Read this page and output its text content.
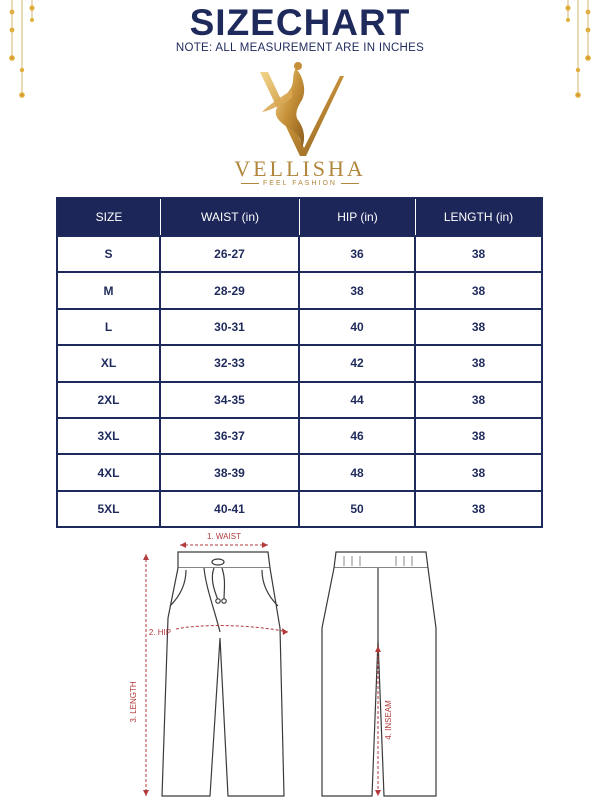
SIZECHART
NOTE: ALL MEASUREMENT ARE IN INCHES
VELLISHA
FEEL FASHION
SIZE	WAIST (in)	HIP (in)	LENGTH (in)
S	26-27	36	38
M	28-29	38	38
L	30-31	40	38
XL	32-33	42	38
2XL	34-35	44	38
3XL	36-37	46	38
4XL	38-39	48	38
5XL	40-41	50	38
1. WAIST
2. HIP
3. LENGTH	4. INSEAM
